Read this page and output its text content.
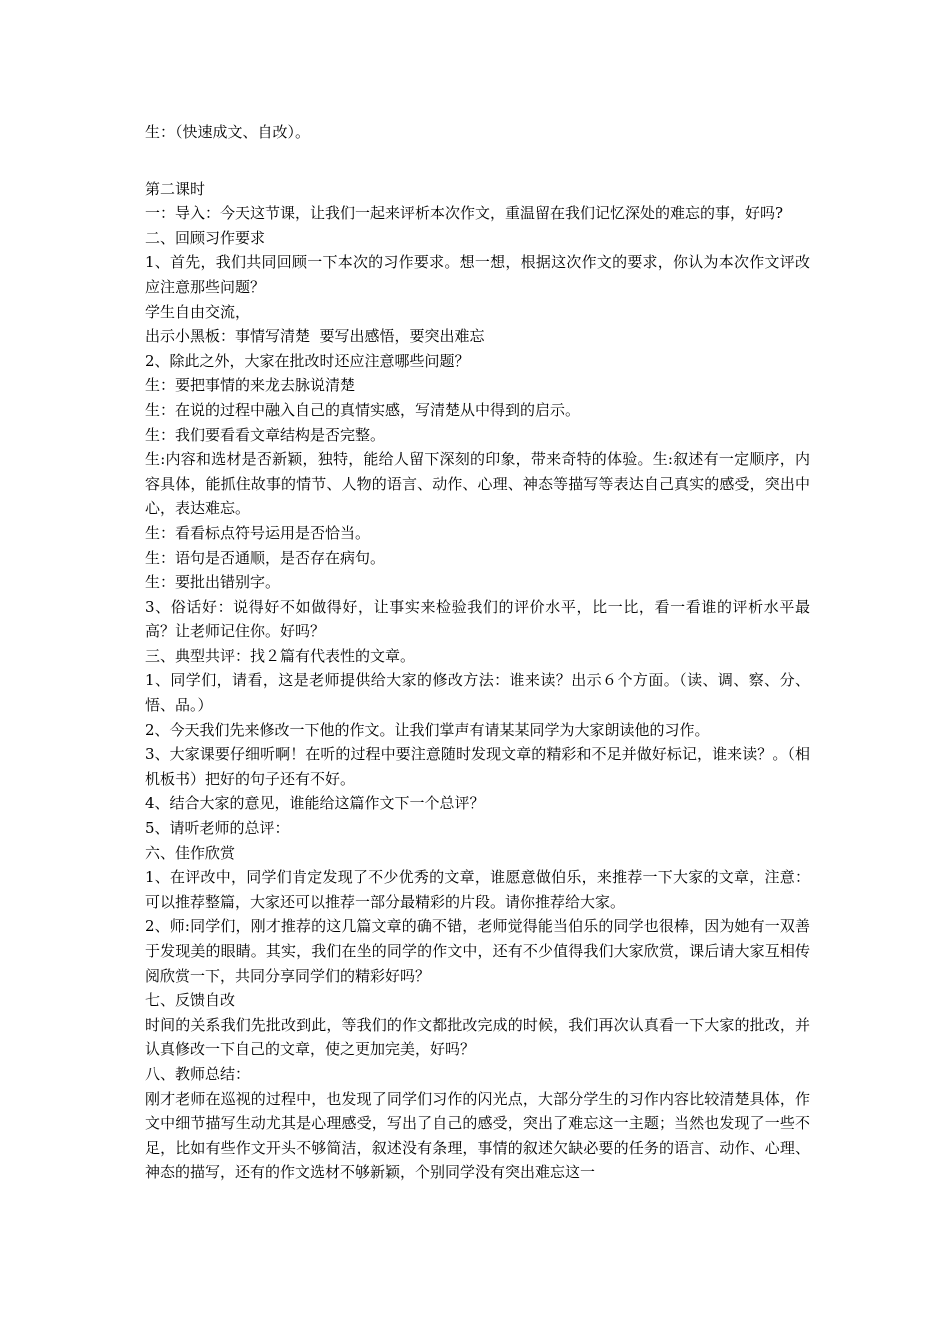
生：（快速成文、自改）。
第二课时
一：导入：今天这节课，让我们一起来评析本次作文，重温留在我们记忆深处的难忘的事，好吗?
二、回顾习作要求
1、首先，我们共同回顾一下本次的习作要求。想一想，根据这次作文的要求，你认为本次作文评改应注意那些问题？
学生自由交流，
出示小黑板：事情写清楚  要写出感悟，要突出难忘
2、除此之外，大家在批改时还应注意哪些问题？
生：要把事情的来龙去脉说清楚
生：在说的过程中融入自己的真情实感，写清楚从中得到的启示。
生：我们要看看文章结构是否完整。
生:内容和选材是否新颖，独特，能给人留下深刻的印象，带来奇特的体验。生:叙述有一定顺序，内容具体，能抓住故事的情节、人物的语言、动作、心理、神态等描写等表达自己真实的感受，突出中心，表达难忘。
生：看看标点符号运用是否恰当。
生：语句是否通顺，是否存在病句。
生：要批出错别字。
3、俗话好：说得好不如做得好，让事实来检验我们的评价水平，比一比，看一看谁的评析水平最高？让老师记住你。好吗？
三、典型共评：找２篇有代表性的文章。
1、同学们，请看，这是老师提供给大家的修改方法：谁来读？出示６个方面。（读、调、察、分、悟、品。）
2、今天我们先来修改一下他的作文。让我们掌声有请某某同学为大家朗读他的习作。
3、大家课要仔细听啊！在听的过程中要注意随时发现文章的精彩和不足并做好标记，谁来读？。（相机板书）把好的句子还有不好。
4、结合大家的意见，谁能给这篇作文下一个总评？
5、请听老师的总评：
六、佳作欣赏
1、在评改中，同学们肯定发现了不少优秀的文章，谁愿意做伯乐，来推荐一下大家的文章，注意：可以推荐整篇，大家还可以推荐一部分最精彩的片段。请你推荐给大家。
2、师:同学们，刚才推荐的这几篇文章的确不错，老师觉得能当伯乐的同学也很棒，因为她有一双善于发现美的眼睛。其实，我们在坐的同学的作文中，还有不少值得我们大家欣赏，课后请大家互相传阅欣赏一下，共同分享同学们的精彩好吗？
七、反馈自改
时间的关系我们先批改到此，等我们的作文都批改完成的时候，我们再次认真看一下大家的批改，并认真修改一下自己的文章，使之更加完美，好吗？
八、教师总结：
刚才老师在巡视的过程中，也发现了同学们习作的闪光点，大部分学生的习作内容比较清楚具体，作文中细节描写生动尤其是心理感受，写出了自己的感受，突出了难忘这一主题；当然也发现了一些不足，比如有些作文开头不够简洁，叙述没有条理，事情的叙述欠缺必要的任务的语言、动作、心理、神态的描写，还有的作文选材不够新颖，个别同学没有突出难忘这一
